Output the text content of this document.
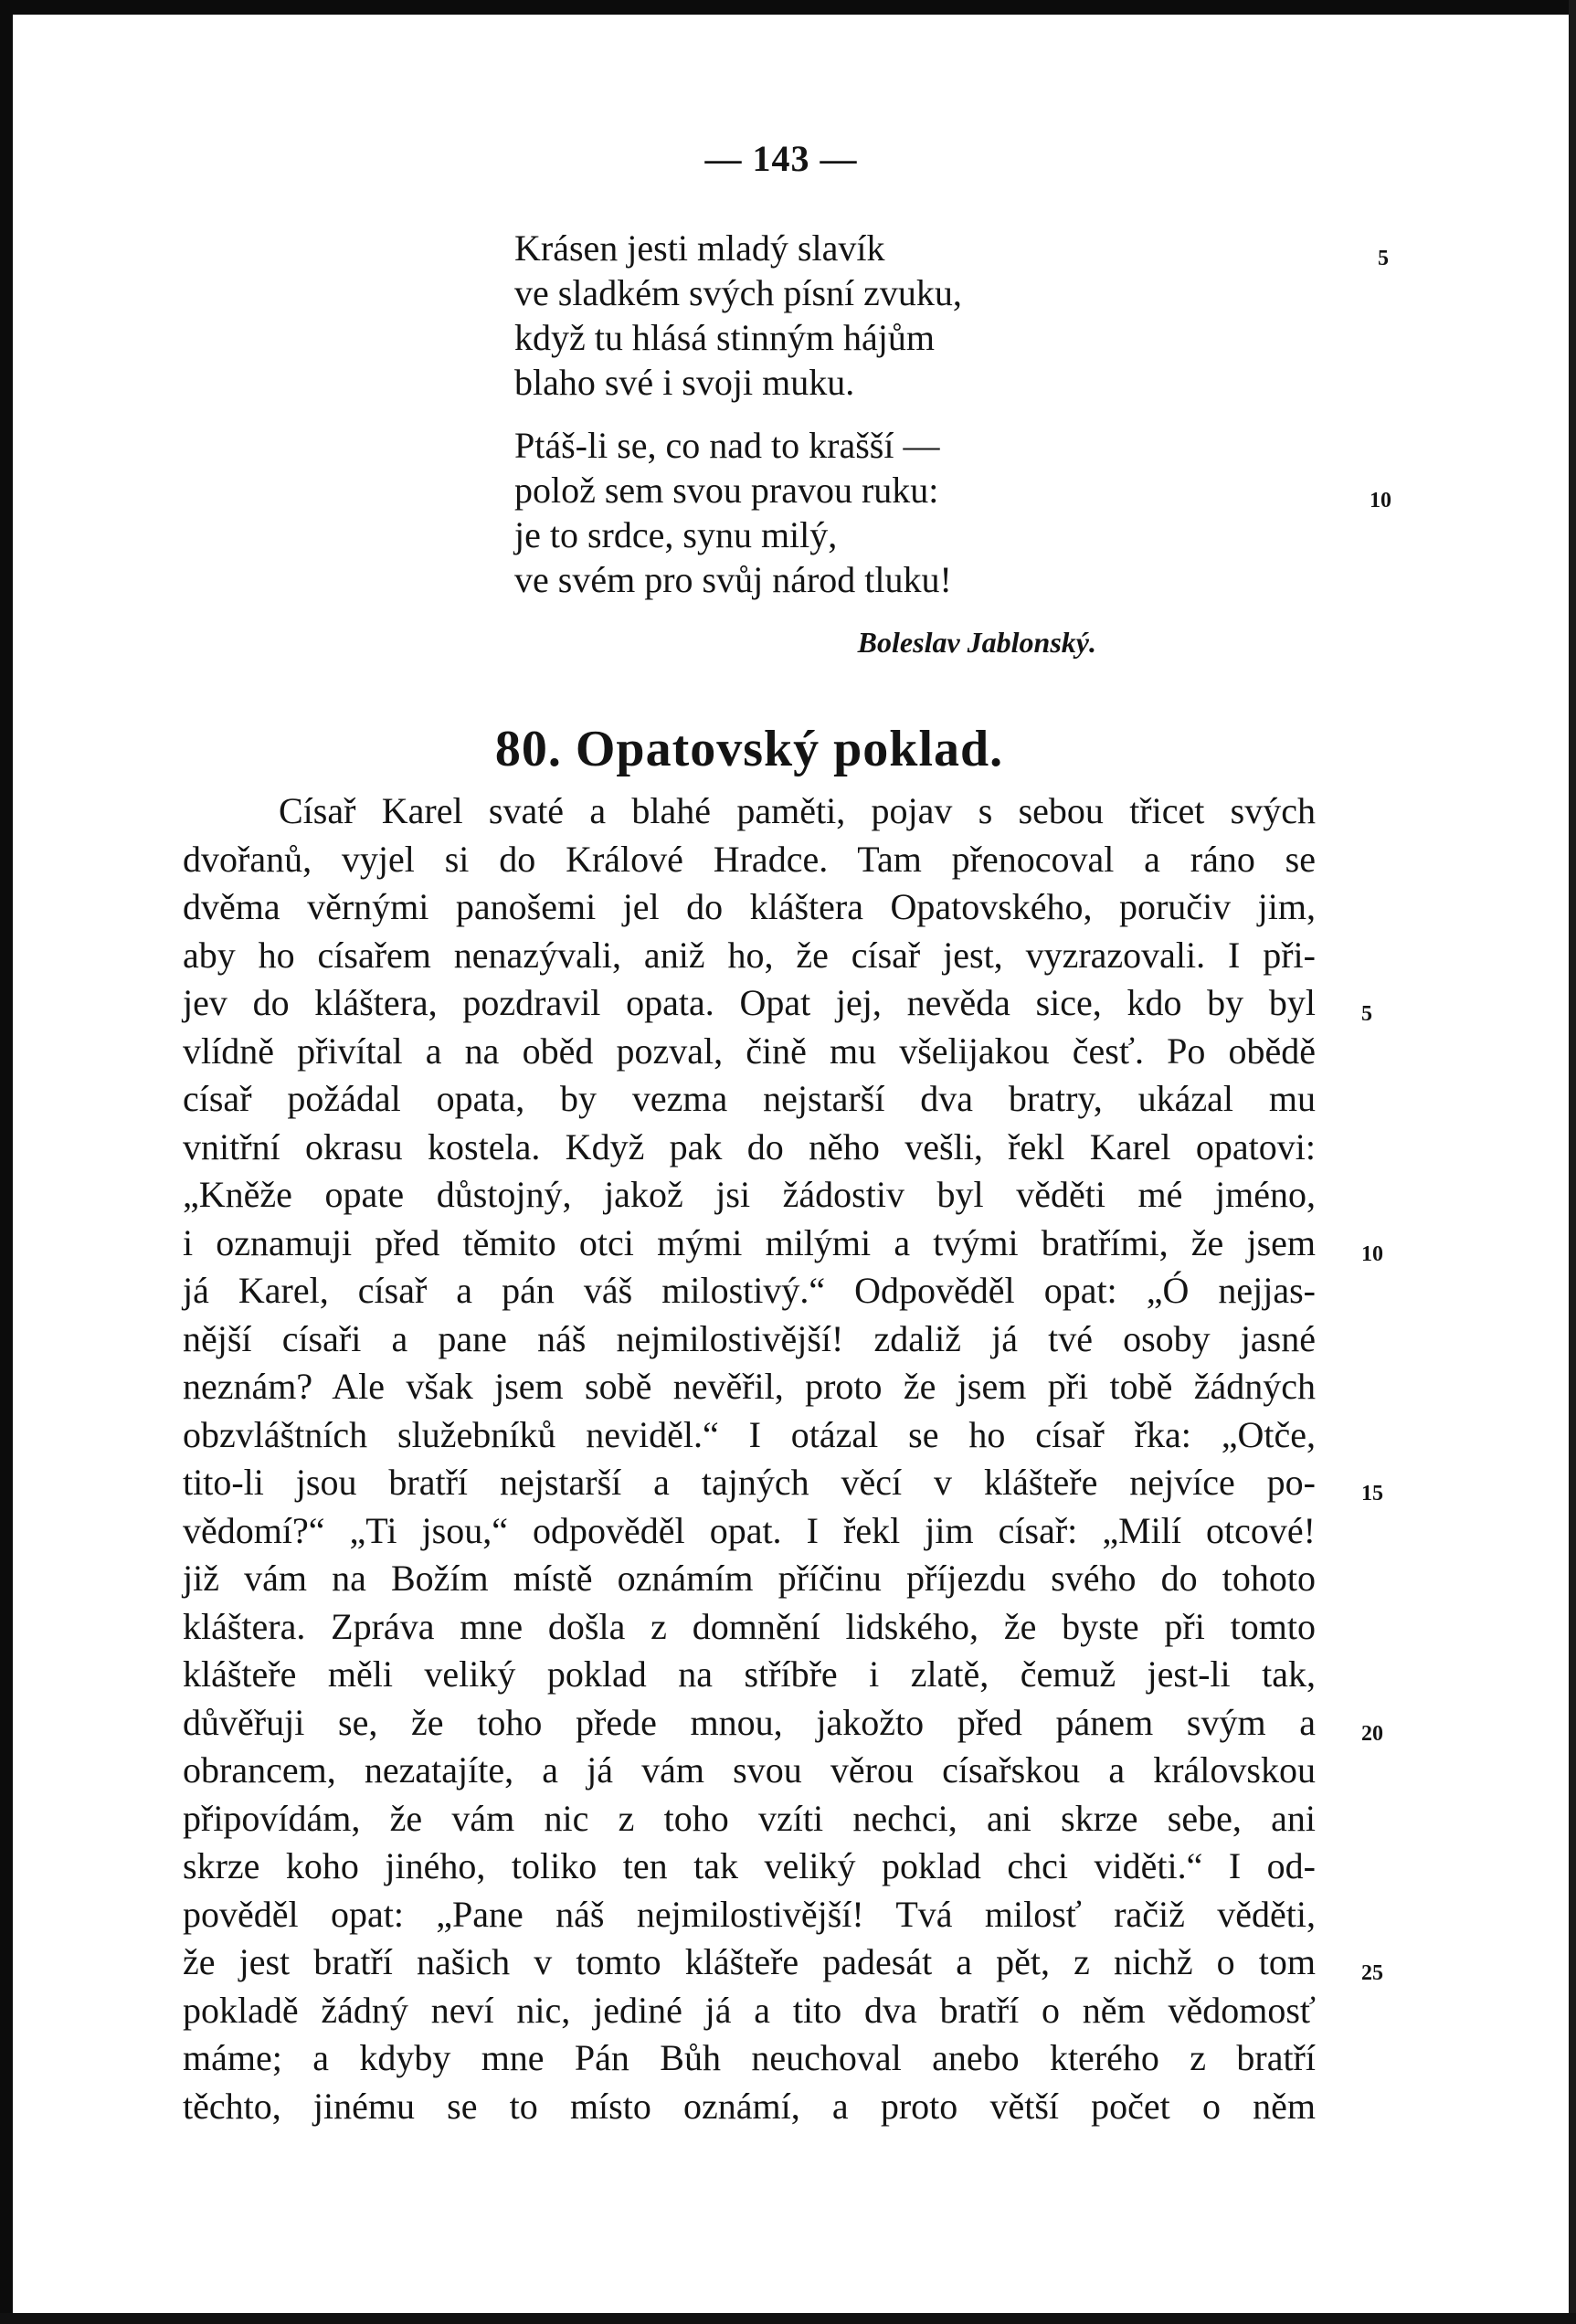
— 143 —
Krásen jesti mladý slavík	5
ve sladkém svých písní zvuku,
když tu hlásá stinným hájům
blaho své i svoji muku.
Ptáš-li se, co nad to krašší —
polož sem svou pravou ruku:	10
je to srdce, synu milý,
ve svém pro svůj národ tluku!
Boleslav Jablonský.
80. Opatovský poklad.
Císař Karel svaté a blahé paměti, pojav s sebou třicet svých
dvořanů, vyjel si do Králové Hradce. Tam přenocoval a ráno se
dvěma věrnými panošemi jel do kláštera Opatovského, poručiv jim,
aby ho císařem nenazývali, aniž ho, že císař jest, vyzrazovali. I při-
jev do kláštera, pozdravil opata. Opat jej, nevěda sice, kdo by byl 5
vlídně přivítal a na oběd pozval, čině mu všelijakou česť. Po obědě
císař požádal opata, by vezma nejstarší dva bratry, ukázal mu
vnitřní okrasu kostela. Když pak do něho vešli, řekl Karel opatovi:
„Kněže opate důstojný, jakož jsi žádostiv byl věděti mé jméno,
i oznamuji před těmito otci mými milými a tvými bratřími, že jsem 10
já Karel, císař a pán váš milostivý.“ Odpověděl opat: „Ó nejjas-
nější císaři a pane náš nejmilostivější! zdaliž já tvé osoby jasné
neznám? Ale však jsem sobě nevěřil, proto že jsem při tobě žádných
obzvláštních služebníků neviděl.“ I otázal se ho císař řka: „Otče,
tito-li jsou bratří nejstarší a tajných věcí v klášteře nejvíce po- 15
vědomí?“ „Ti jsou,“ odpověděl opat. I řekl jim císař: „Milí otcové!
již vám na Božím místě oznámím příčinu příjezdu svého do tohoto
kláštera. Zpráva mne došla z domnění lidského, že byste při tomto
klášteře měli veliký poklad na stříbře i zlatě, čemuž jest-li tak,
důvěřuji se, že toho přede mnou, jakožto před pánem svým a 20
obrancem, nezatajíte, a já vám svou věrou císařskou a královskou
připovídám, že vám nic z toho vzíti nechci, ani skrze sebe, ani
skrze koho jiného, toliko ten tak veliký poklad chci viděti.“ I od-
pověděl opat: „Pane náš nejmilostivější! Tvá milosť račiž věděti,
že jest bratří našich v tomto klášteře padesát a pět, z nichž o tom 25
pokladě žádný neví nic, jediné já a tito dva bratří o něm vědomosť
máme; a kdyby mne Pán Bůh neuchoval anebo kterého z bratří
těchto, jinému se to místo oznámí, a proto větší počet o něm
